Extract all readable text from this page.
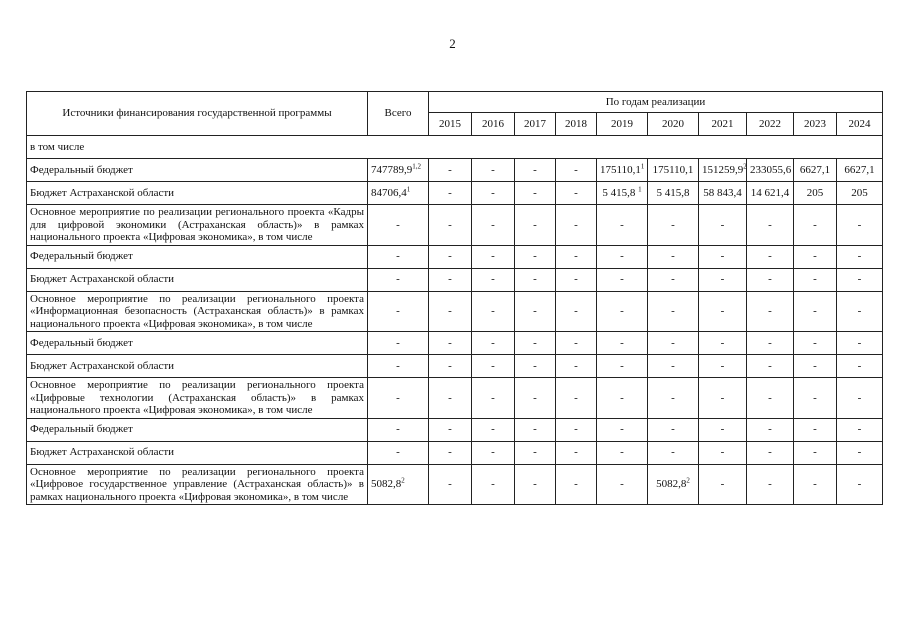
2
Источники финансирования государственной программы	Всего	По годам реализации									
		2015	2016	2017	2018	2019	2020	2021	2022	2023	2024
в том числе											
Федеральный бюджет	747789,9$^{1,2}$	-	-	-	-	175110,1$^1$	175110,1	151259,9$^2$	233055,6	6627,1	6627,1
Бюджет Астраханской области	84706,4$^1$	-	-	-	-	5 415,8 $^1$	5 415,8	58 843,4	14 621,4	205	205
Основное мероприятие по реализации регионального проекта «Кадры для цифровой экономики (Астраханская область)» в рамках национального проекта «Цифровая экономика», в том числе	-	-	-	-	-	-	-	-	-	-	-
Федеральный бюджет	-	-	-	-	-	-	-	-	-	-	-
Бюджет Астраханской области	-	-	-	-	-	-	-	-	-	-	-
Основное мероприятие по реализации регионального проекта «Информационная безопасность (Астраханская область)» в рамках национального проекта «Цифровая экономика», в том числе	-	-	-	-	-	-	-	-	-	-	-
Федеральный бюджет	-	-	-	-	-	-	-	-	-	-	-
Бюджет Астраханской области	-	-	-	-	-	-	-	-	-	-	-
Основное мероприятие по реализации регионального проекта «Цифровые технологии (Астраханская область)» в рамках национального проекта «Цифровая экономика», в том числе	-	-	-	-	-	-	-	-	-	-	-
Федеральный бюджет	-	-	-	-	-	-	-	-	-	-	-
Бюджет Астраханской области	-	-	-	-	-	-	-	-	-	-	-
Основное мероприятие по реализации регионального проекта «Цифровое государственное управление (Астраханская область)» в рамках национального проекта «Цифровая экономика», в том числе	5082,8$^2$	-	-	-	-	-	5082,8$^2$	-	-	-	-
